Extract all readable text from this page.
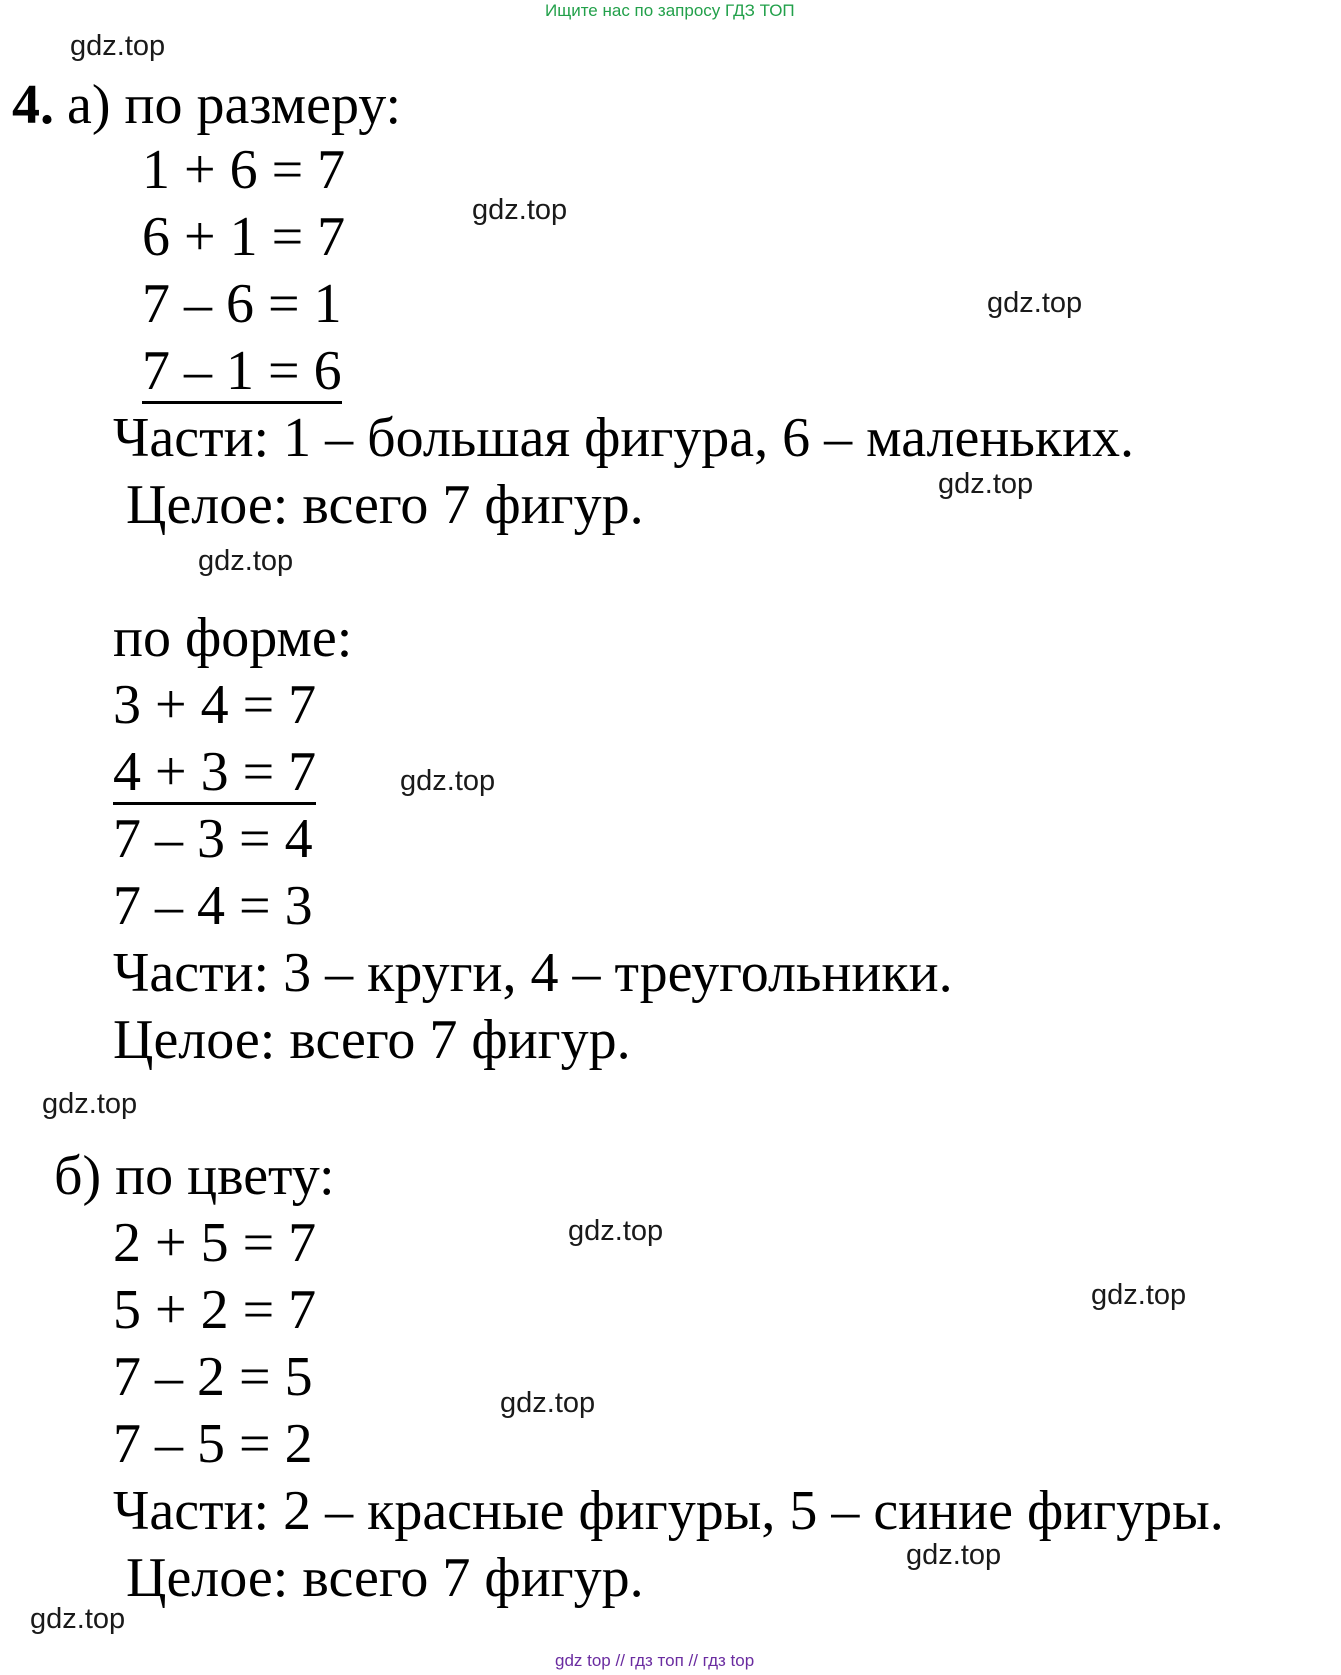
Ищите нас по запросу ГДЗ ТОП
gdz.top
gdz.top
gdz.top
gdz.top
gdz.top
gdz.top
gdz.top
gdz.top
gdz.top
gdz.top
gdz.top
gdz.top
4. а) по размеру:
1 + 6 = 7
6 + 1 = 7
7 – 6 = 1
7 – 1 = 6
Части: 1 – большая фигура, 6 – маленьких.
Целое: всего 7 фигур.
по форме:
3 + 4 = 7
4 + 3 = 7
7 – 3 = 4
7 – 4 = 3
Части: 3 – круги, 4 – треугольники.
Целое: всего 7 фигур.
б) по цвету:
2 + 5 = 7
5 + 2 = 7
7 – 2 = 5
7 – 5 = 2
Части: 2 – красные фигуры, 5 – синие фигуры.
Целое: всего 7 фигур.
gdz top // гдз топ // гдз top
